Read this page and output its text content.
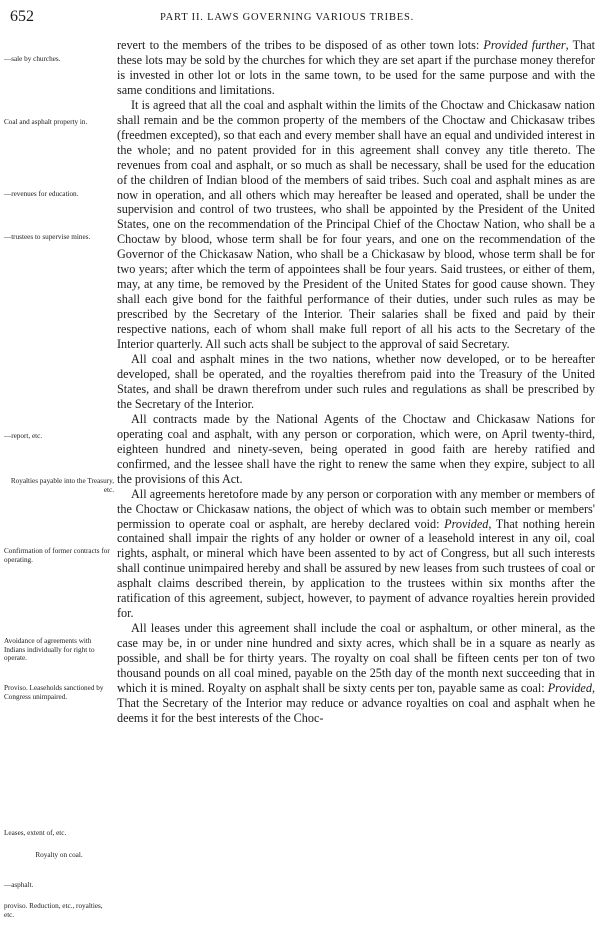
652	PART II. LAWS GOVERNING VARIOUS TRIBES.
—sale by churches.
Coal and asphalt property in.
—revenues for education.
—trustees to supervise mines.
—report, etc.
Royalties payable into the Treasury, etc.
Confirmation of former contracts for operating.
Avoidance of agreements with Indians individually for right to operate.
Proviso. Leaseholds sanctioned by Congress unimpaired.
Leases, extent of, etc.
Royalty on coal.
—asphalt.
proviso. Reduction, etc., royalties, etc.

revert to the members of the tribes to be disposed of as other town lots: Provided further, That these lots may be sold by the churches for which they are set apart if the purchase money therefor is invested in other lot or lots in the same town, to be used for the same purpose and with the same conditions and limitations.

It is agreed that all the coal and asphalt within the limits of the Choctaw and Chickasaw nation shall remain and be the common property of the members of the Choctaw and Chickasaw tribes (freedmen excepted), so that each and every member shall have an equal and undivided interest in the whole; and no patent provided for in this agreement shall convey any title thereto. The revenues from coal and asphalt, or so much as shall be necessary, shall be used for the education of the children of Indian blood of the members of said tribes. Such coal and asphalt mines as are now in operation, and all others which may hereafter be leased and operated, shall be under the supervision and control of two trustees, who shall be appointed by the President of the United States, one on the recommendation of the Principal Chief of the Choctaw Nation, who shall be a Choctaw by blood, whose term shall be for four years, and one on the recommendation of the Governor of the Chickasaw Nation, who shall be a Chickasaw by blood, whose term shall be for two years; after which the term of appointees shall be four years. Said trustees, or either of them, may, at any time, be removed by the President of the United States for good cause shown. They shall each give bond for the faithful performance of their duties, under such rules as may be prescribed by the Secretary of the Interior. Their salaries shall be fixed and paid by their respective nations, each of whom shall make full report of all his acts to the Secretary of the Interior quarterly. All such acts shall be subject to the approval of said Secretary.

All coal and asphalt mines in the two nations, whether now developed, or to be hereafter developed, shall be operated, and the royalties therefrom paid into the Treasury of the United States, and shall be drawn therefrom under such rules and regulations as shall be prescribed by the Secretary of the Interior.

All contracts made by the National Agents of the Choctaw and Chickasaw Nations for operating coal and asphalt, with any person or corporation, which were, on April twenty-third, eighteen hundred and ninety-seven, being operated in good faith are hereby ratified and confirmed, and the lessee shall have the right to renew the same when they expire, subject to all the provisions of this Act.

All agreements heretofore made by any person or corporation with any member or members of the Choctaw or Chickasaw nations, the object of which was to obtain such member or members' permission to operate coal or asphalt, are hereby declared void: Provided, That nothing herein contained shall impair the rights of any holder or owner of a leasehold interest in any oil, coal rights, asphalt, or mineral which have been assented to by act of Congress, but all such interests shall continue unimpaired hereby and shall be assured by new leases from such trustees of coal or asphalt claims described therein, by application to the trustees within six months after the ratification of this agreement, subject, however, to payment of advance royalties herein provided for.

All leases under this agreement shall include the coal or asphaltum, or other mineral, as the case may be, in or under nine hundred and sixty acres, which shall be in a square as nearly as possible, and shall be for thirty years. The royalty on coal shall be fifteen cents per ton of two thousand pounds on all coal mined, payable on the 25th day of the month next succeeding that in which it is mined. Royalty on asphalt shall be sixty cents per ton, payable same as coal: Provided, That the Secretary of the Interior may reduce or advance royalties on coal and asphalt when he deems it for the best interests of the Choc-
